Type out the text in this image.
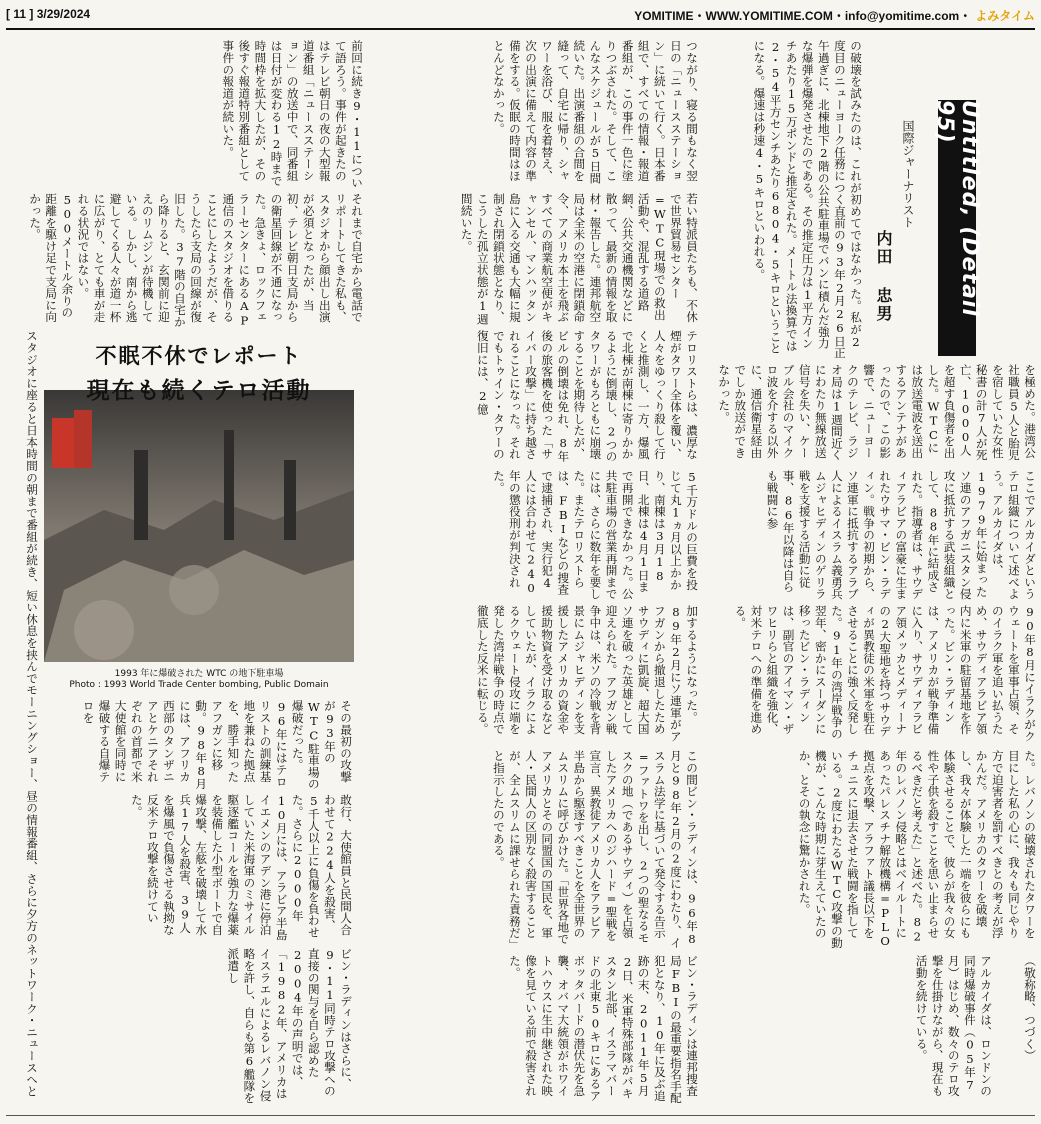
[ 11 ] 3/29/2024	YOMITIME・WWW.YOMITIME.COM・info@yomitime.com・ よみタイム
Untitled, (Detail 95)
国際ジャーナリスト
内田 忠男
の破壊を試みたのは、これが初めてではなかった。私が2度目のニューヨーク任務につく直前の93年2月26日正午過ぎに、北棟地下2階の公共駐車場でバンに積んだ強力な爆弾を爆発させたのである。その推定圧力は1平方インチあたり15万ポンドと推定された。メートル法換算では2・54平方センチあたり6804・5キロということになる。爆速は秒速4・5キロといわれる。
つながり、寝る間もなく翌日の「ニュースステーション」に続いて行く。日本番組で、すべての情報・報道番組が、この事件一色に塗りつぶされた。そして、こんなスケジュールが5日間続いた。出演番組の合間を縫って、自宅に帰り、シャワーを浴び、服を着替え、次の出演に備えて内容の準備をする。仮眠の時間はほとんどなかった。
前回に続き9・11について語ろう。事件が起きたのはテレビ朝日の夜の大型報道番組「ニュースステーション」の放送中で、同番組は日付が変わる12時まで時間枠を拡大したが、その後すぐ報道特別番組として事件の報道が続いた。
若い特派員たちも、不休で世界貿易センター=WTC現場での救出活動や、混乱する道路網、公共交通機関などに散って、最新の情報を取材・報告した。連邦航空局は全米の空港に閉鎖命令、アメリカ本土を飛ぶすべての商業航空便がキャンセル、マンハッタン島に入る交通も大幅に規制され閉鎖状態となり、こうした孤立状態が1週間続いた。
それまで自宅から電話でリポートしてきた私も、スタジオから顔出し出演が必須となったが、当初、テレビ朝日支局からの衛星回線が不通になった。急きょ、ロックフェラーセンターにあるAP通信のスタジオを借りることにしたようだが、そうしたら支局の回線が復旧した。37階の自宅から降りると、玄関前に迎えのリムジンが待機している。しかし、南から逃避してくる人々が道一杯に広がり、とても車が走れる状況ではない。500メートル余りの距離を駆け足で支局に向かった。
を極めた。港湾公社職員5人と胎児を宿していた女性秘書の計7人が死亡、1000人を超す負傷者を出した。WTCには放送電波を送出するアンテナがあったので、この影響で、ニューヨークのテレビ、ラジオ局は1週間近くにわたり無線放送信号を失い、ケーブル会社のマイクロ波を介する以外に、通信衛星経由でしか放送ができなかった。
スタジオに座ると日本時間の朝まで番組が続き、短い休息を挟んでモーニングショー、昼の情報番組、さらに夕方のネットワーク・ニュースへと	テロリストらは、濃厚な煙がタワー全体を覆い、人々をゆっくり殺して行くと推測し、一方、爆風で北棟が南棟に寄りかかるように倒壊し、2つのタワーがもろともに崩壊することを期待したが、ビルの倒壊は免れ、8年後の旅客機を使った「サイバー攻撃」に持ち越されることになった。それでもトゥイン・タワーの復旧には、2億
5千万ドルの巨費を投じて丸1ヵ月以上かかり、南棟は3月18日、北棟は4月1日まで再開できなかった。公共駐車場の営業再開までには、さらに数年を要した。またテロリストらは、FBIなどの捜査で逮捕され、実行犯4人には合わせて240年の懲役刑が判決された。	ここでアルカイダというテロ組織について述べよう。アルカイダは、1979年に始まったソ連のアフガニスタン侵攻に抵抗する武装組織として、88年に結成された。指導者は、サウディアラビアの富豪に生まれたウサマ・ビン・ラディン。戦争の初期から、ソ連軍に抵抗するアラブ人によるイスラム義勇兵ムジャヒディンのゲリラ戦を支援する活動に従事、86年以降は自らも戦闘に参
加するようになった。89年2月にソ連軍がアフガンから撤退したためサウディに凱旋、超大国ソ連を破った英雄として迎えられた。アフガン戦争中は、米ソの冷戦を背景にムジャヒディンを支援したアメリカの資金や援助物資を受け取るなどしていたが、イラクによるクウェート侵攻に端を発した湾岸戦争の時点で徹底した反米に転じる。	90年8月にイラクがクウェートを軍事占領、そのイラク軍を追い払うため、サウディアラビア領内に米軍の駐留基地を作った。ビン・ラディンは、アメリカが戦争準備に入り、サウディアラビア領メッカとメディーナの2大聖地を持つサウディが異教徒の米軍を駐在させることに強く反発した。91年の湾岸戦争の翌年、密かにスーダンに移ったビン・ラディンは、副官のアイマン・ザワヒリらと組織を強化、対米テロへの準備を進める。
その最初の攻撃が93年のWTC駐車場の爆破だった。96年にはテロリストの訓練基地を兼ねた拠点を、勝手知ったアフガンに移動。98年8月には、アフリカ西部のタンザニアとケニアそれぞれの首都で米大使館を同時に爆破する自爆テロを
敢行、大使館員と民間人合わせて224人を殺害、5千人以上に負傷を負わせた。さらに2000年10月には、アラビア半島イエメンのアデン港に停泊していた米海軍のミサイル駆逐艦コールを強力な爆薬を装備した小型ボートで自爆攻撃、左舷を破壊して水兵17人を殺害、39人を爆風で負傷させる執拗な反米テロ攻撃を続けていた。	この間ビン・ラディンは、96年8月と98年2月の2度にわたり、イスラム法学に基づいて発令する告示=ファトワを出し、2つの聖なるモスクの地（であるサウディ）を占領したアメリカへのジハード=聖戦を宣言、異教徒アメリカ人をアラビア半島から駆逐すべきことを全世界のムスリムに呼びかけた。「世界各地でアメリカとその同盟国の国民を、軍人・民間人の区別なく殺害することが、全ムスリムに課せられた責務だ」と指示したのである。	た。レバノンの破壊されたタワーを目にした私の心に、我々も同じやり方で迫害者を罰すべきとの考えが浮かんだ。アメリカのタワーを破壊し、我々が体験した一端を彼らにも体験させることで、彼らが我々の女性や子供を殺すことを思い止まらせるべきだと考えた」と述べた。82年のレバノン侵略とはベイルートにあったパレスチナ解放機構=PLO拠点を攻撃、アラファト議長以下をチュニスに退去させた戦闘を指している。2度にわたるWTC攻撃の動機が、こんな時期に芽生えていたのか、とその執念に驚かされた。
ビン・ラディンはさらに、9・11同時テロ攻撃への直接の関与を自ら認めた2004年の声明では、「1982年、アメリカはイスラエルによるレバノン侵略を許し、自らも第6艦隊を派遣し	ビン・ラディンは連邦捜査局FBIの最重要指名手配犯となり、10年に及ぶ追跡の末、2011年5月2日、米軍特殊部隊がパキスタン北部、イスラマバードの北東50キロにあるアボッタバードの潜伏先を急襲、オバマ大統領がホワイトハウスに生中継された映像を見ている前で殺害された。	アルカイダは、ロンドンの同時爆破事件（05年7月）はじめ、数々のテロ攻撃を仕掛けながら、現在も活動を続けている。	（敬称略、つづく）
不眠不休でレポート
1993 年に爆破された WTC の地下駐車場
Photo : 1993 World Trade Center bombing, Public Domain
現在も続くテロ活動
